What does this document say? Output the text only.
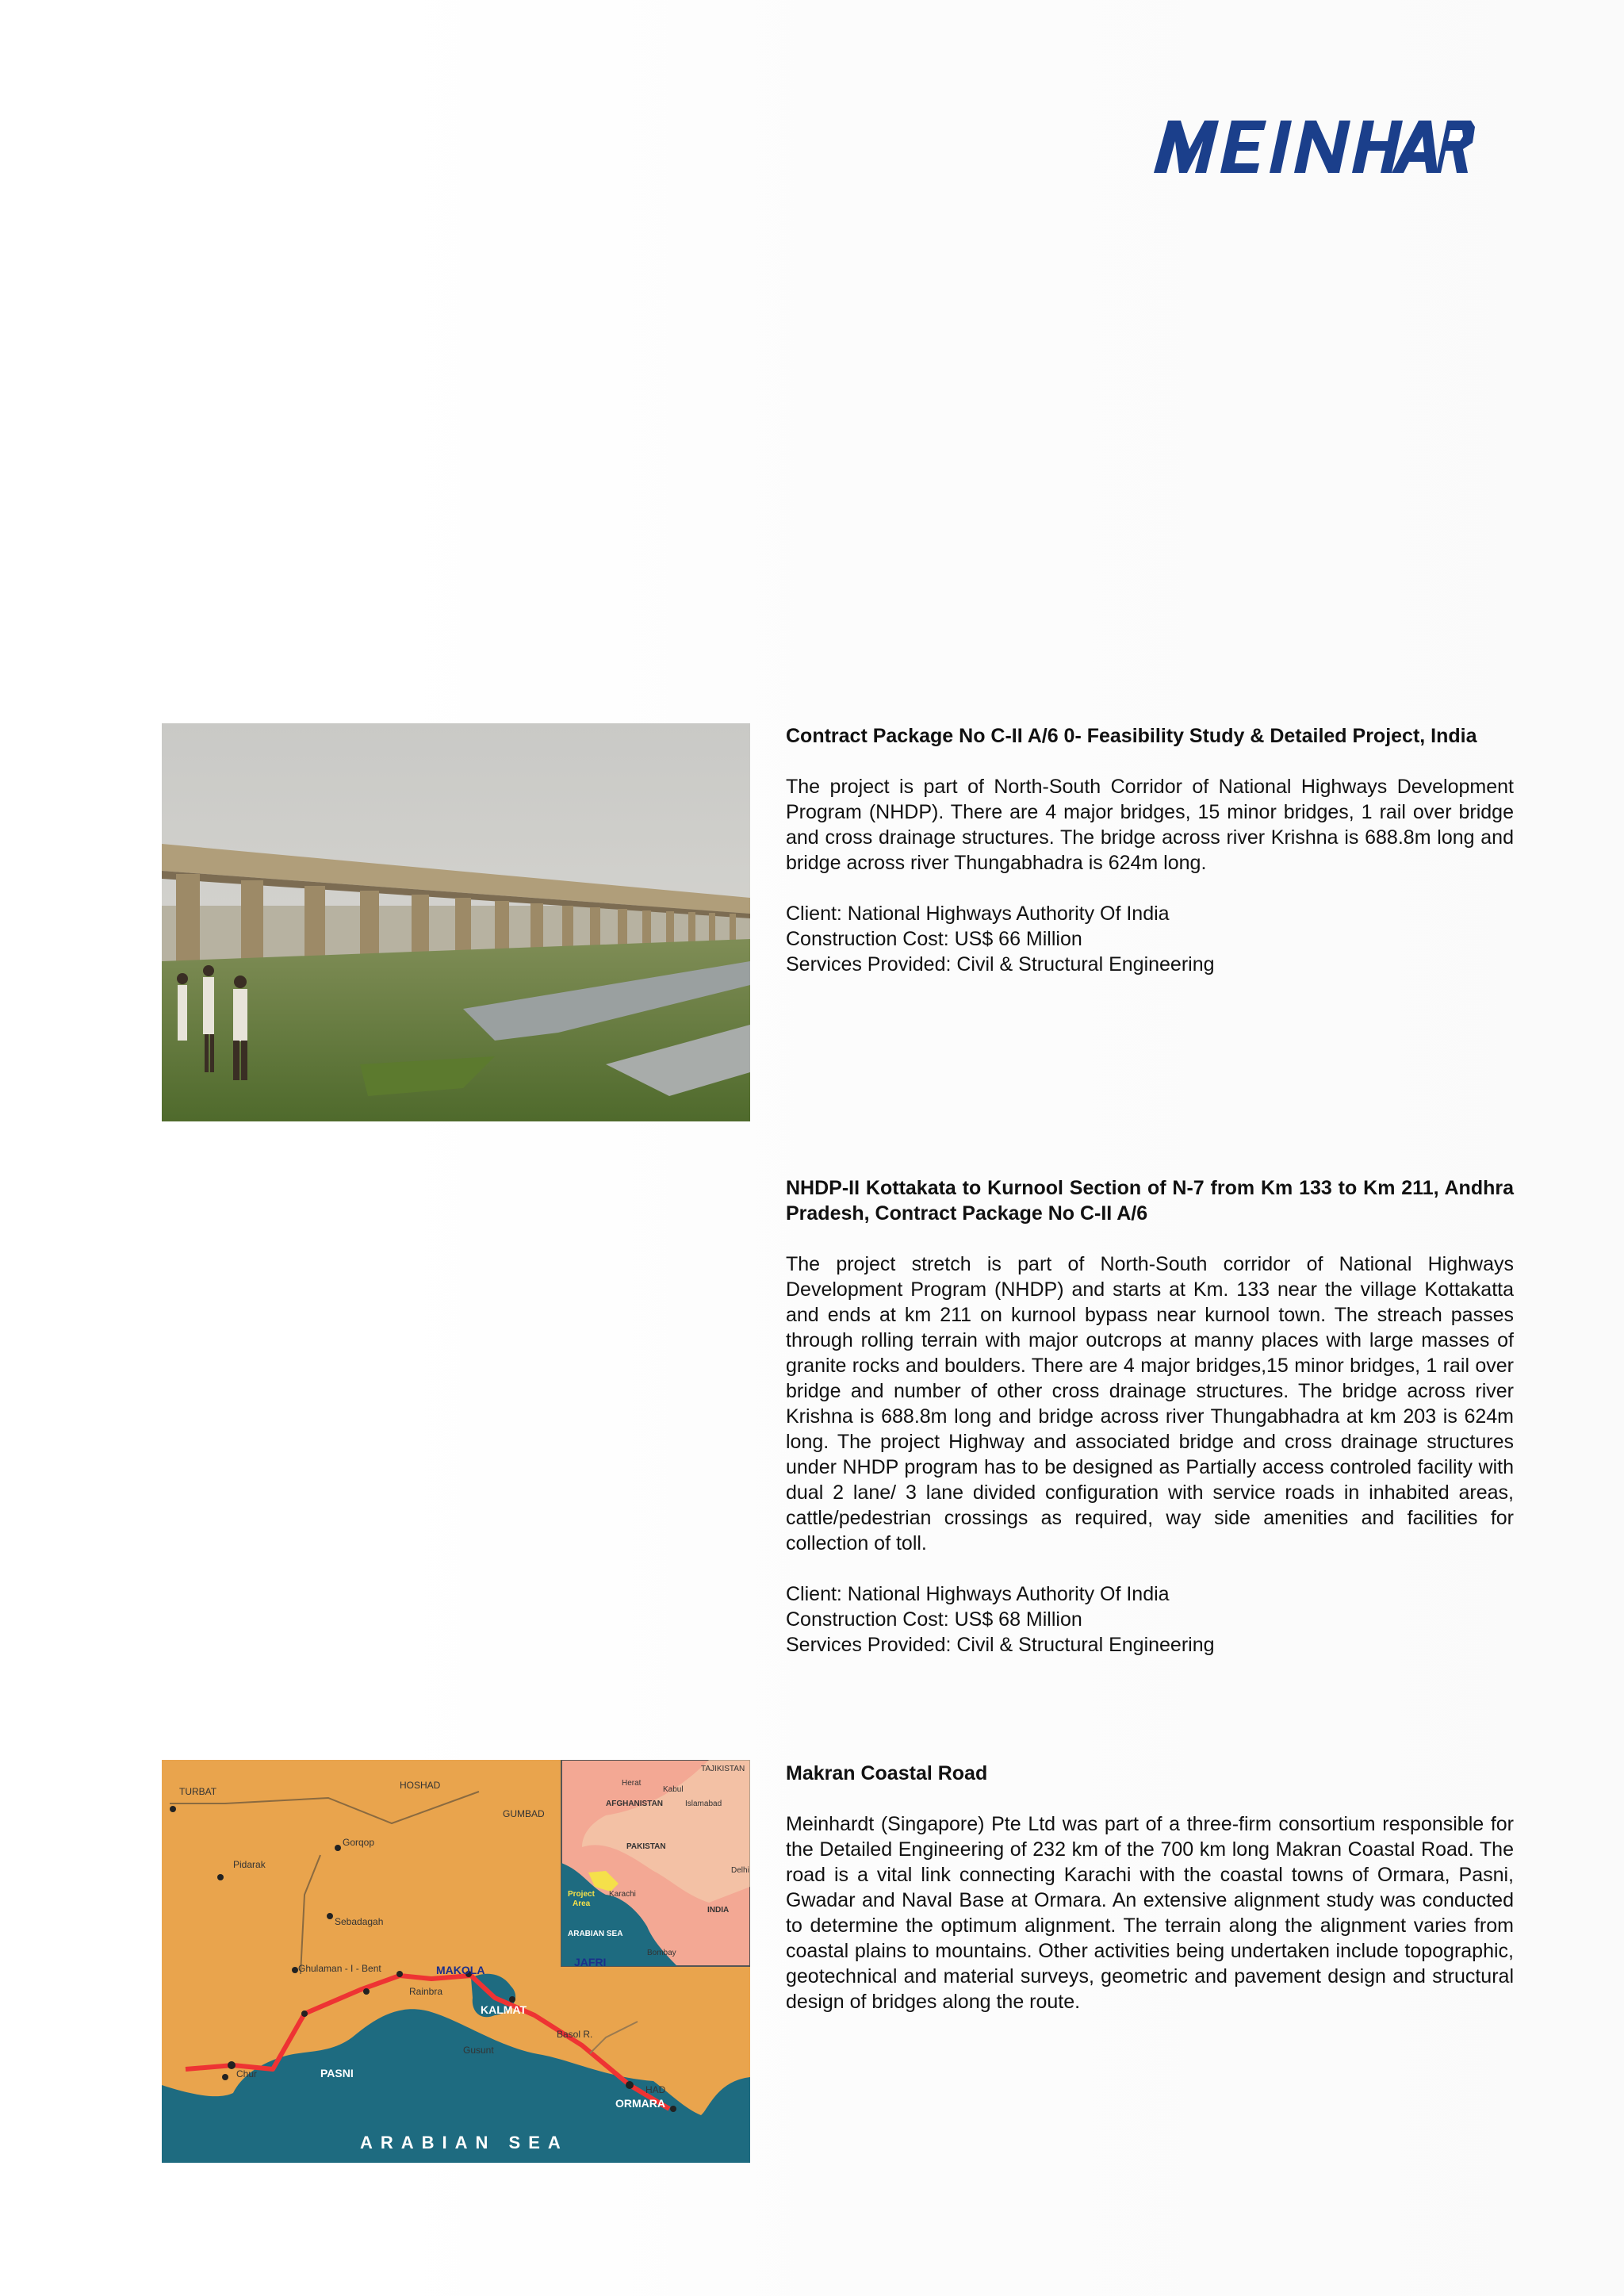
Contract Package No C-II A/6 0- Feasibility Study & Detailed Project, India

The project is part of North-South Corridor of National Highways Development Program (NHDP). There are 4 major bridges, 15 minor bridges, 1 rail over bridge and cross drainage structures. The bridge across river Krishna is 688.8m long and bridge across river Thungabhadra is 624m long.

Client: National Highways Authority Of India
Construction Cost: US$ 66 Million
Services Provided: Civil & Structural Engineering

NHDP-II Kottakata to Kurnool Section of N-7 from Km 133 to Km 211, Andhra Pradesh, Contract Package No C-II A/6

The project stretch is part of North-South corridor of National Highways Development Program (NHDP) and starts at Km. 133 near the village Kottakatta and ends at km 211 on kurnool bypass near kurnool town. The streach passes through rolling terrain with major outcrops at manny places with large masses of granite rocks and boulders. There are 4 major bridges,15 minor bridges, 1 rail over bridge and number of other cross drainage structures. The bridge across river Krishna is 688.8m long and bridge across river Thungabhadra at km 203 is 624m long. The project Highway and associated bridge and cross drainage structures under NHDP program has to be designed as Partially access controled facility with dual 2 lane/ 3 lane divided configuration with service roads in inhabited areas, cattle/pedestrian crossings as required, way side amenities and facilities for collection of toll.

Client: National Highways Authority Of India
Construction Cost: US$ 68 Million
Services Provided: Civil & Structural Engineering
TURBAT
HOSHAD
GUMBAD
Pidarak
Gorqop
Sebadagah
Ghulaman - I - Bent
Rainbra
Gusunt
Basol R.
Chur
HAD
MAKOLA
JAFRI
KALMAT
PASNI
ORMARA
ARABIAN SEA
TAJIKISTAN
Herat
Kabul
AFGHANISTAN	Islamabad
PAKISTAN
Delhi
INDIA
Karachi
ARABIAN SEA
Bombay
Project
Area

Makran Coastal Road

Meinhardt (Singapore) Pte Ltd was part of a three-firm consortium responsible for the Detailed Engineering of 232 km of the 700 km long Makran Coastal Road. The road is a vital link connecting Karachi with the coastal towns of Ormara, Pasni, Gwadar and Naval Base at Ormara. An extensive alignment study was conducted to determine the optimum alignment. The terrain along the alignment varies from coastal plains to mountains. Other activities being undertaken include topographic, geotechnical and material surveys, geometric and pavement design and structural design of bridges along the route.
